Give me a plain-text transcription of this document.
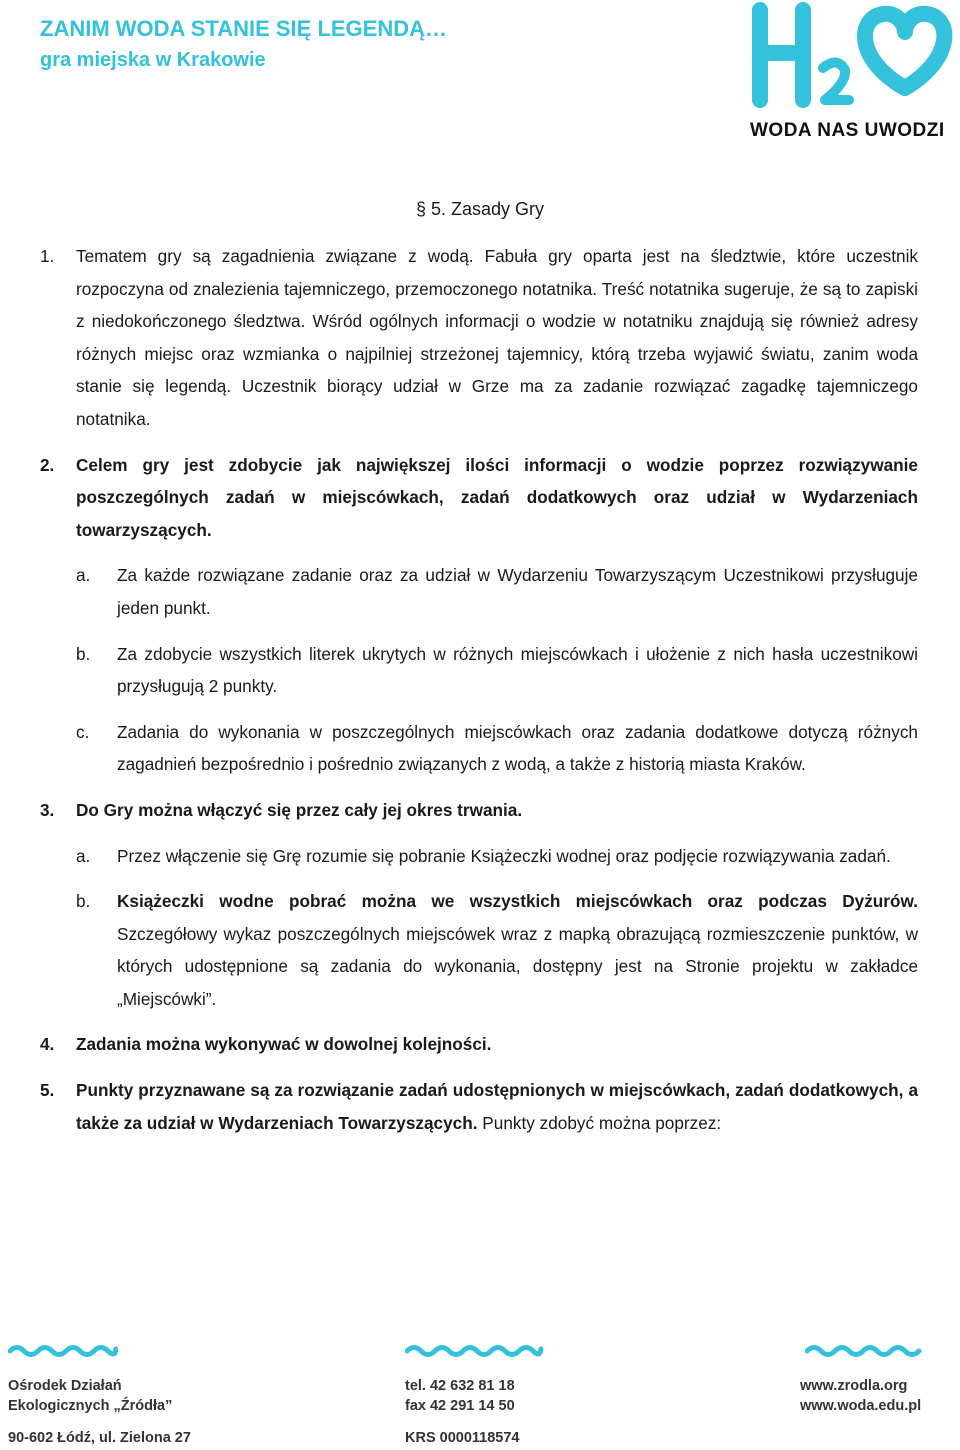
ZANIM WODA STANIE SIĘ LEGENDĄ…
gra miejska w Krakowie
WODA NAS UWODZI
§ 5. Zasady Gry
1.	Tematem gry są zagadnienia związane z wodą. Fabuła gry oparta jest na śledztwie, które uczestnik rozpoczyna od znalezienia tajemniczego, przemoczonego notatnika. Treść notatnika sugeruje, że są to zapiski z niedokończonego śledztwa. Wśród ogólnych informacji o wodzie w notatniku znajdują się również adresy różnych miejsc oraz wzmianka o najpilniej strzeżonej tajemnicy, którą trzeba wyjawić światu, zanim woda stanie się legendą. Uczestnik biorący udział w Grze ma za zadanie rozwiązać zagadkę tajemniczego notatnika.
2.	Celem gry jest zdobycie jak największej ilości informacji o wodzie poprzez rozwiązywanie poszczególnych zadań w miejscówkach, zadań dodatkowych oraz udział w Wydarzeniach towarzyszących.
a.	Za każde rozwiązane zadanie oraz za udział w Wydarzeniu Towarzyszącym Uczestnikowi przysługuje jeden punkt.
b.	Za zdobycie wszystkich literek ukrytych w różnych miejscówkach i ułożenie z nich hasła uczestnikowi przysługują 2 punkty.
c.	Zadania do wykonania w poszczególnych miejscówkach oraz zadania dodatkowe dotyczą różnych zagadnień bezpośrednio i pośrednio związanych z wodą, a także z historią miasta Kraków.
3.	Do Gry można włączyć się przez cały jej okres trwania.
a.	Przez włączenie się Grę rozumie się pobranie Książeczki wodnej oraz podjęcie rozwiązywania zadań.
b.	Książeczki wodne pobrać można we wszystkich miejscówkach oraz podczas Dyżurów. Szczegółowy wykaz poszczególnych miejscówek wraz z mapką obrazującą rozmieszczenie punktów, w których udostępnione są zadania do wykonania, dostępny jest na Stronie projektu w zakładce „Miejscówki”.
4.	Zadania można wykonywać w dowolnej kolejności.
5.	Punkty przyznawane są za rozwiązanie zadań udostępnionych w miejscówkach, zadań dodatkowych, a także za udział w Wydarzeniach Towarzyszących. Punkty zdobyć można poprzez:
Ośrodek Działań
Ekologicznych „Źródła”
90-602 Łódź, ul. Zielona 27
tel. 42 632 81 18
fax 42 291 14 50
KRS 0000118574
www.zrodla.org
www.woda.edu.pl
